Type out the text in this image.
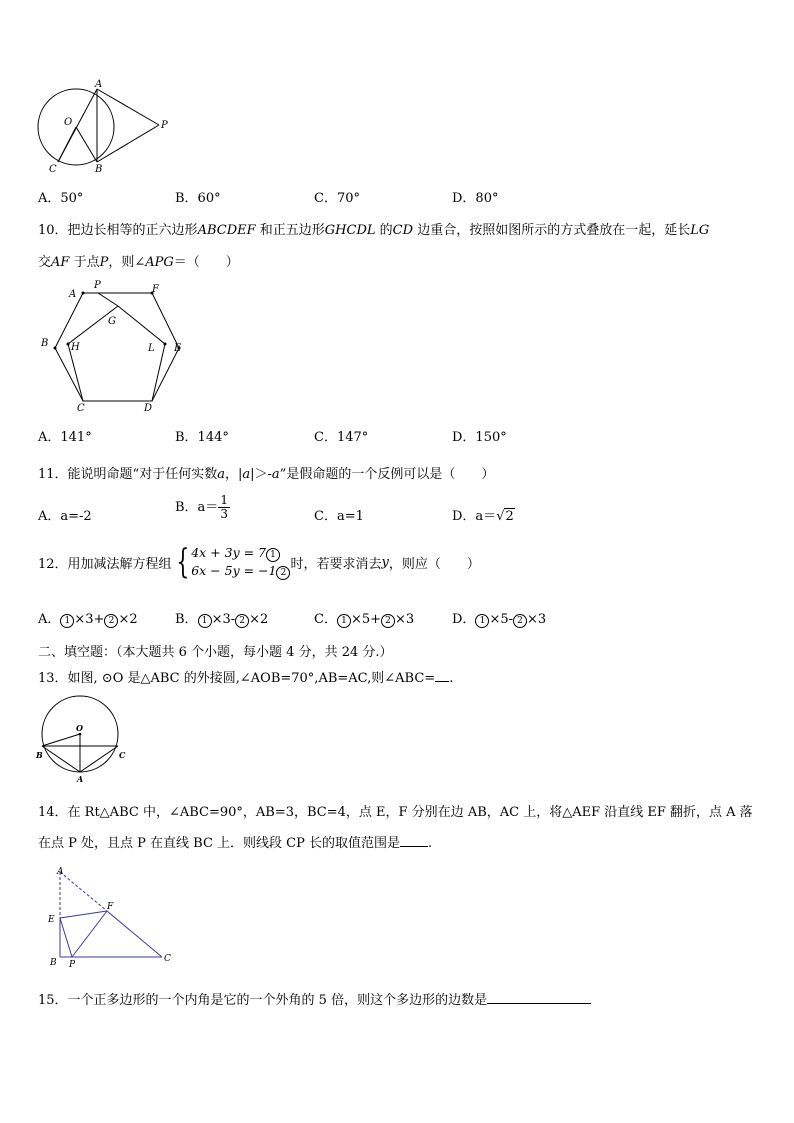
A
O	P
C	B
A．50°	B．60°	C．70°	D．80°
10．把边长相等的正六边形ABCDEF 和正五边形GHCDL 的CD 边重合，按照如图所示的方式叠放在一起，延长LG
交AF 于点P，则∠APG＝（　　）
A
P	F
G
B H	L E
C	D
A．141°	B．144°	C．147°	D．150°
11．能说明命题“对于任何实数a，|a|＞-a”是假命题的一个反例可以是（　　）
A．a=-2
B．$a= \frac{1}{3}$	C．a=1	D．a＝√2
12．用加减法解方程组 { 4x + 3y = 7 1
6x − 5y = −1 2
时，若要求消去 y ，则应（　　）
A． 1 ×3+ 2 ×2	B． 1 ×3- 2 ×2	C． 1 ×5+ 2 ×3	D． 1 ×5- 2 ×3
二、填空题：（本大题共 6 个小题，每小题 4 分，共 24 分.）
13．如图, ⊙O 是△ABC 的外接圆,∠AOB=70°,AB=AC,则∠ABC= .
O
B	C
A
14．在 Rt△ABC 中，∠ABC=90°，AB=3，BC=4，点 E，F 分别在边 AB，AC 上，将△AEF 沿直线 EF 翻折，点 A 落
在点 P 处，且点 P 在直线 BC 上．则线段 CP 长的取值范围是 .
A
E
F
B P
C
15．一个正多边形的一个内角是它的一个外角的 5 倍，则这个多边形的边数是
